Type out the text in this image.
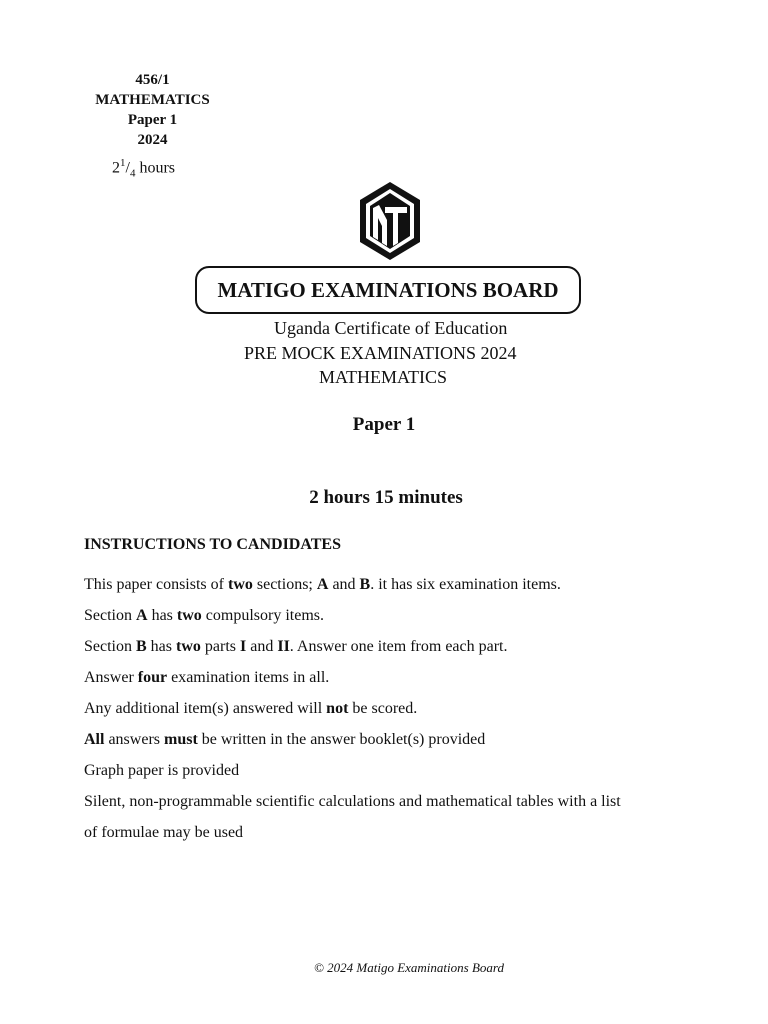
456/1
MATHEMATICS
Paper 1
2024
$2^1/_4$ hours
MATIGO EXAMINATIONS BOARD
Uganda Certificate of Education
PRE MOCK EXAMINATIONS 2024
MATHEMATICS
Paper 1
2 hours 15 minutes
INSTRUCTIONS TO CANDIDATES
This paper consists of two sections; A and B. it has six examination items.
Section A has two compulsory items.
Section B has two parts I and II. Answer one item from each part.
Answer four examination items in all.
Any additional item(s) answered will not be scored.
All answers must be written in the answer booklet(s) provided
Graph paper is provided
Silent, non-programmable scientific calculations and mathematical tables with a list
of formulae may be used
© 2024 Matigo Examinations Board
